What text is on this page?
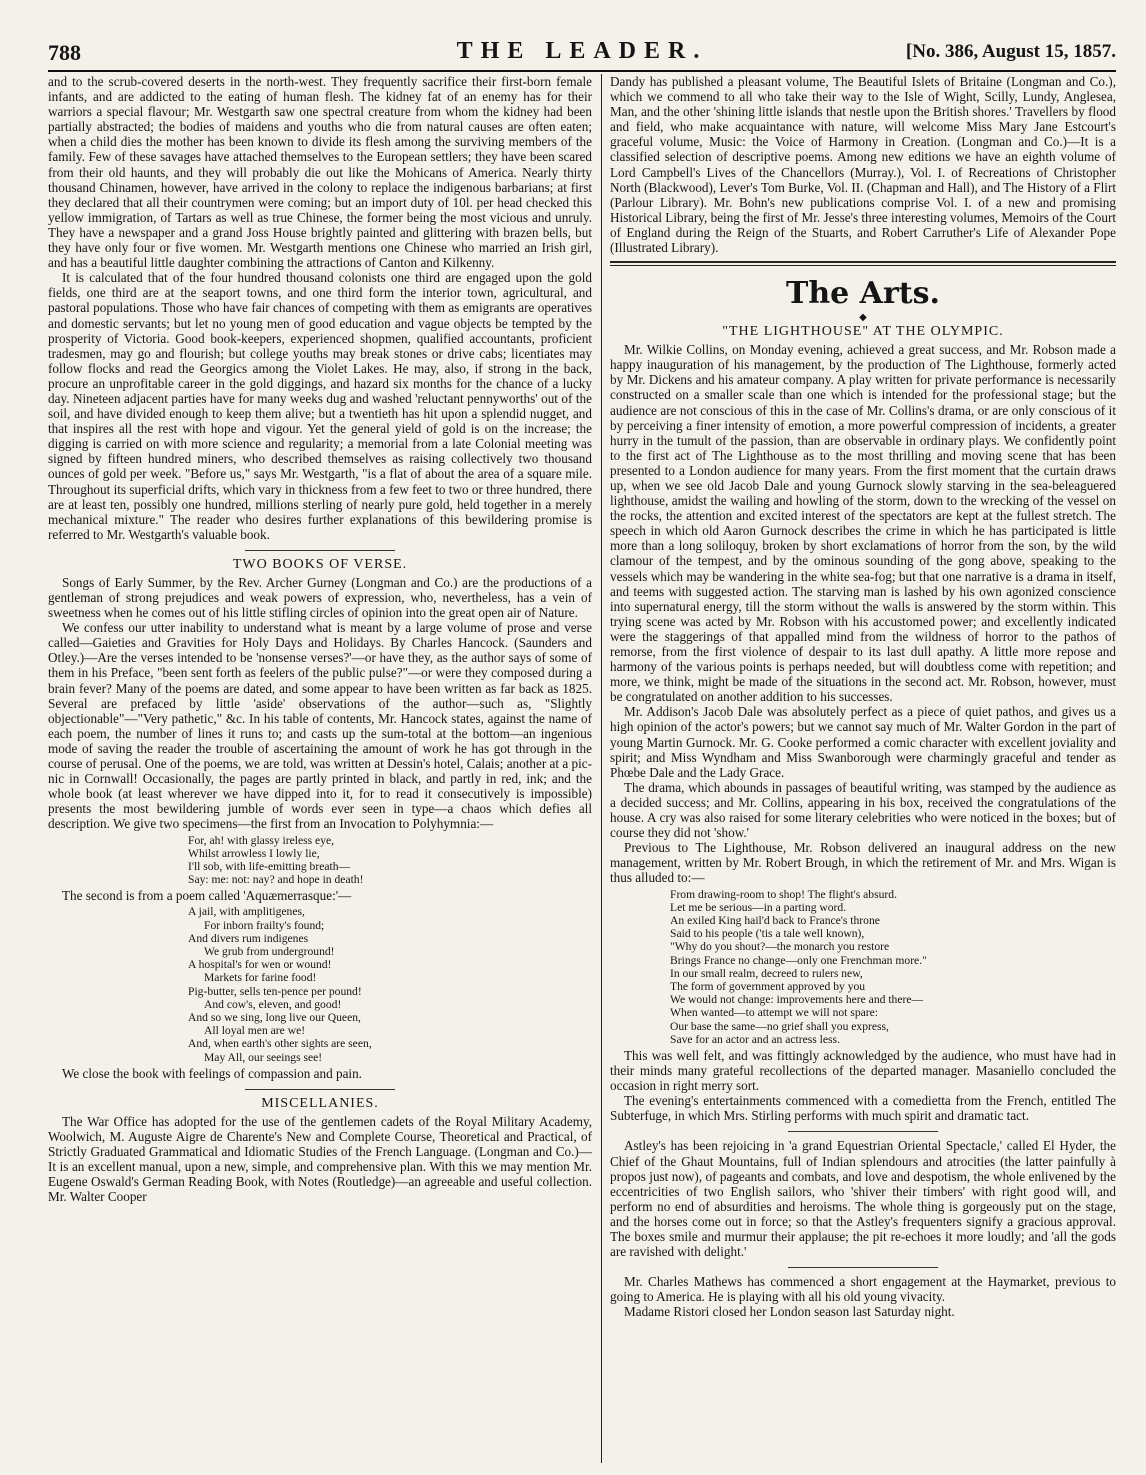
788	THE LEADER.	[No. 386, August 15, 1857.

and to the scrub-covered deserts in the north-west. They frequently sacrifice their first-born female infants, and are addicted to the eating of human flesh. The kidney fat of an enemy has for their warriors a special flavour; Mr. Westgarth saw one spectral creature from whom the kidney had been partially abstracted; the bodies of maidens and youths who die from natural causes are often eaten; when a child dies the mother has been known to divide its flesh among the surviving members of the family. Few of these savages have attached themselves to the European settlers; they have been scared from their old haunts, and they will probably die out like the Mohicans of America. Nearly thirty thousand Chinamen, however, have arrived in the colony to replace the indigenous barbarians; at first they declared that all their countrymen were coming; but an import duty of 10l. per head checked this yellow immigration, of Tartars as well as true Chinese, the former being the most vicious and unruly. They have a newspaper and a grand Joss House brightly painted and glittering with brazen bells, but they have only four or five women. Mr. Westgarth mentions one Chinese who married an Irish girl, and has a beautiful little daughter combining the attractions of Canton and Kilkenny.

It is calculated that of the four hundred thousand colonists one third are engaged upon the gold fields, one third are at the seaport towns, and one third form the interior town, agricultural, and pastoral populations. Those who have fair chances of competing with them as emigrants are operatives and domestic servants; but let no young men of good education and vague objects be tempted by the prosperity of Victoria. Good book-keepers, experienced shopmen, qualified accountants, proficient tradesmen, may go and flourish; but college youths may break stones or drive cabs; licentiates may follow flocks and read the Georgics among the Violet Lakes. He may, also, if strong in the back, procure an unprofitable career in the gold diggings, and hazard six months for the chance of a lucky day. Nineteen adjacent parties have for many weeks dug and washed 'reluctant pennyworths' out of the soil, and have divided enough to keep them alive; but a twentieth has hit upon a splendid nugget, and that inspires all the rest with hope and vigour. Yet the general yield of gold is on the increase; the digging is carried on with more science and regularity; a memorial from a late Colonial meeting was signed by fifteen hundred miners, who described themselves as raising collectively two thousand ounces of gold per week. "Before us," says Mr. Westgarth, "is a flat of about the area of a square mile. Throughout its superficial drifts, which vary in thickness from a few feet to two or three hundred, there are at least ten, possibly one hundred, millions sterling of nearly pure gold, held together in a merely mechanical mixture." The reader who desires further explanations of this bewildering promise is referred to Mr. Westgarth's valuable book.

TWO BOOKS OF VERSE.

Songs of Early Summer, by the Rev. Archer Gurney (Longman and Co.) are the productions of a gentleman of strong prejudices and weak powers of expression, who, nevertheless, has a vein of sweetness when he comes out of his little stifling circles of opinion into the great open air of Nature.

We confess our utter inability to understand what is meant by a large volume of prose and verse called—Gaieties and Gravities for Holy Days and Holidays. By Charles Hancock. (Saunders and Otley.)—Are the verses intended to be 'nonsense verses?'—or have they, as the author says of some of them in his Preface, "been sent forth as feelers of the public pulse?"—or were they composed during a brain fever? Many of the poems are dated, and some appear to have been written as far back as 1825. Several are prefaced by little 'aside' observations of the author—such as, "Slightly objectionable"—"Very pathetic," &c. In his table of contents, Mr. Hancock states, against the name of each poem, the number of lines it runs to; and casts up the sum-total at the bottom—an ingenious mode of saving the reader the trouble of ascertaining the amount of work he has got through in the course of perusal. One of the poems, we are told, was written at Dessin's hotel, Calais; another at a pic-nic in Cornwall! Occasionally, the pages are partly printed in black, and partly in red, ink; and the whole book (at least wherever we have dipped into it, for to read it consecutively is impossible) presents the most bewildering jumble of words ever seen in type—a chaos which defies all description. We give two specimens—the first from an Invocation to Polyhymnia:—

For, ah! with glassy ireless eye,
Whilst arrowless I lowly lie,
I'll sob, with life-emitting breath—
Say: me: not: nay? and hope in death!

The second is from a poem called 'Aquæmerrasque:'—

A jail, with amplitigenes,
For inborn frailty's found;
And divers rum indigenes
We grub from underground!
A hospital's for wen or wound!
Markets for farine food!
Pig-butter, sells ten-pence per pound!
And cow's, eleven, and good!
And so we sing, long live our Queen,
All loyal men are we!
And, when earth's other sights are seen,
May All, our seeings see!

We close the book with feelings of compassion and pain.

MISCELLANIES.

The War Office has adopted for the use of the gentlemen cadets of the Royal Military Academy, Woolwich, M. Auguste Aigre de Charente's New and Complete Course, Theoretical and Practical, of Strictly Graduated Grammatical and Idiomatic Studies of the French Language. (Longman and Co.)—It is an excellent manual, upon a new, simple, and comprehensive plan. With this we may mention Mr. Eugene Oswald's German Reading Book, with Notes (Routledge)—an agreeable and useful collection. Mr. Walter Cooper

Dandy has published a pleasant volume, The Beautiful Islets of Britaine (Longman and Co.), which we commend to all who take their way to the Isle of Wight, Scilly, Lundy, Anglesea, Man, and the other 'shining little islands that nestle upon the British shores.' Travellers by flood and field, who make acquaintance with nature, will welcome Miss Mary Jane Estcourt's graceful volume, Music: the Voice of Harmony in Creation. (Longman and Co.)—It is a classified selection of descriptive poems. Among new editions we have an eighth volume of Lord Campbell's Lives of the Chancellors (Murray.), Vol. I. of Recreations of Christopher North (Blackwood), Lever's Tom Burke, Vol. II. (Chapman and Hall), and The History of a Flirt (Parlour Library). Mr. Bohn's new publications comprise Vol. I. of a new and promising Historical Library, being the first of Mr. Jesse's three interesting volumes, Memoirs of the Court of England during the Reign of the Stuarts, and Robert Carruther's Life of Alexander Pope (Illustrated Library).

The Arts.
◆
"THE LIGHTHOUSE" AT THE OLYMPIC.

Mr. Wilkie Collins, on Monday evening, achieved a great success, and Mr. Robson made a happy inauguration of his management, by the production of The Lighthouse, formerly acted by Mr. Dickens and his amateur company. A play written for private performance is necessarily constructed on a smaller scale than one which is intended for the professional stage; but the audience are not conscious of this in the case of Mr. Collins's drama, or are only conscious of it by perceiving a finer intensity of emotion, a more powerful compression of incidents, a greater hurry in the tumult of the passion, than are observable in ordinary plays. We confidently point to the first act of The Lighthouse as to the most thrilling and moving scene that has been presented to a London audience for many years. From the first moment that the curtain draws up, when we see old Jacob Dale and young Gurnock slowly starving in the sea-beleaguered lighthouse, amidst the wailing and howling of the storm, down to the wrecking of the vessel on the rocks, the attention and excited interest of the spectators are kept at the fullest stretch. The speech in which old Aaron Gurnock describes the crime in which he has participated is little more than a long soliloquy, broken by short exclamations of horror from the son, by the wild clamour of the tempest, and by the ominous sounding of the gong above, speaking to the vessels which may be wandering in the white sea-fog; but that one narrative is a drama in itself, and teems with suggested action. The starving man is lashed by his own agonized conscience into supernatural energy, till the storm without the walls is answered by the storm within. This trying scene was acted by Mr. Robson with his accustomed power; and excellently indicated were the staggerings of that appalled mind from the wildness of horror to the pathos of remorse, from the first violence of despair to its last dull apathy. A little more repose and harmony of the various points is perhaps needed, but will doubtless come with repetition; and more, we think, might be made of the situations in the second act. Mr. Robson, however, must be congratulated on another addition to his successes.

Mr. Addison's Jacob Dale was absolutely perfect as a piece of quiet pathos, and gives us a high opinion of the actor's powers; but we cannot say much of Mr. Walter Gordon in the part of young Martin Gurnock. Mr. G. Cooke performed a comic character with excellent joviality and spirit; and Miss Wyndham and Miss Swanborough were charmingly graceful and tender as Phœbe Dale and the Lady Grace.

The drama, which abounds in passages of beautiful writing, was stamped by the audience as a decided success; and Mr. Collins, appearing in his box, received the congratulations of the house. A cry was also raised for some literary celebrities who were noticed in the boxes; but of course they did not 'show.'

Previous to The Lighthouse, Mr. Robson delivered an inaugural address on the new management, written by Mr. Robert Brough, in which the retirement of Mr. and Mrs. Wigan is thus alluded to:—

From drawing-room to shop! The flight's absurd.
Let me be serious—in a parting word.
An exiled King hail'd back to France's throne
Said to his people ('tis a tale well known),
"Why do you shout?—the monarch you restore
Brings France no change—only one Frenchman more."
In our small realm, decreed to rulers new,
The form of government approved by you
We would not change: improvements here and there—
When wanted—to attempt we will not spare:
Our base the same—no grief shall you express,
Save for an actor and an actress less.

This was well felt, and was fittingly acknowledged by the audience, who must have had in their minds many grateful recollections of the departed manager. Masaniello concluded the occasion in right merry sort.

The evening's entertainments commenced with a comedietta from the French, entitled The Subterfuge, in which Mrs. Stirling performs with much spirit and dramatic tact.

Astley's has been rejoicing in 'a grand Equestrian Oriental Spectacle,' called El Hyder, the Chief of the Ghaut Mountains, full of Indian splendours and atrocities (the latter painfully à propos just now), of pageants and combats, and love and despotism, the whole enlivened by the eccentricities of two English sailors, who 'shiver their timbers' with right good will, and perform no end of absurdities and heroisms. The whole thing is gorgeously put on the stage, and the horses come out in force; so that the Astley's frequenters signify a gracious approval. The boxes smile and murmur their applause; the pit re-echoes it more loudly; and 'all the gods are ravished with delight.'

Mr. Charles Mathews has commenced a short engagement at the Haymarket, previous to going to America. He is playing with all his old young vivacity.

Madame Ristori closed her London season last Saturday night.
